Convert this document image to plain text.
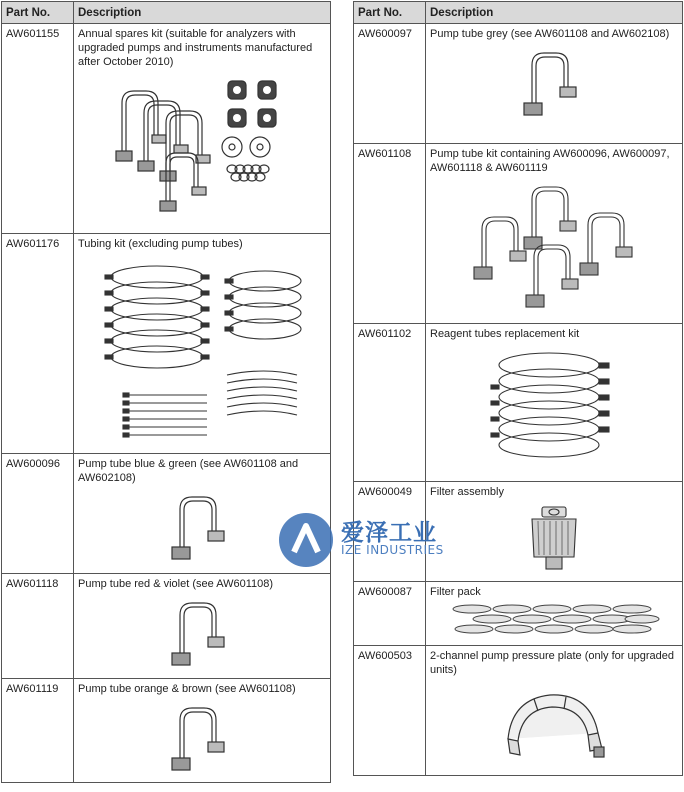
Part No.	Description
AW601155	Annual spares kit (suitable for analyzers with upgraded pumps and instruments manufactured after October 2010)

AW601176	Tubing kit (excluding pump tubes)

AW600096	Pump tube blue & green (see AW601108 and AW602108)

AW601118	Pump tube red & violet (see AW601108)

AW601119	Pump tube orange & brown (see AW601108)
Part No.	Description
AW600097	Pump tube grey (see AW601108 and AW602108)

AW601108	Pump tube kit containing AW600096, AW600097, AW601118 & AW601119

AW601102	Reagent tubes replacement kit

AW600049	Filter assembly

AW600087	Filter pack

AW600503	2-channel pump pressure plate (only for upgraded units)
爱泽工业
IZE INDUSTRIES
